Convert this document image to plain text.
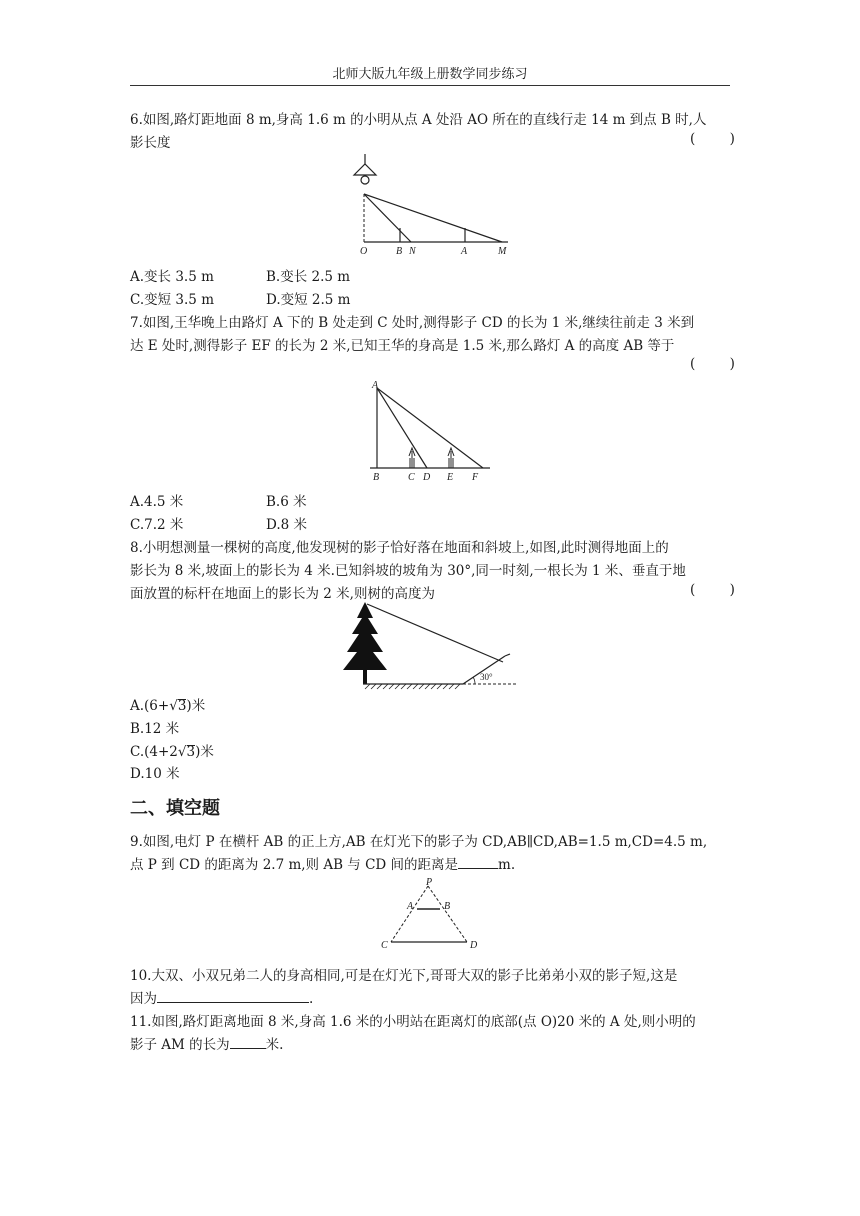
北师大版九年级上册数学同步练习
6.如图,路灯距地面 8 m,身高 1.6 m 的小明从点 A 处沿 AO 所在的直线行走 14 m 到点 B 时,人
影长度	(        )
O	B N	A	M
A.变长 3.5 m	B.变长 2.5 m
C.变短 3.5 m	D.变短 2.5 m
7.如图,王华晚上由路灯 A 下的 B 处走到 C 处时,测得影子 CD 的长为 1 米,继续往前走 3 米到
达 E 处时,测得影子 EF 的长为 2 米,已知王华的身高是 1.5 米,那么路灯 A 的高度 AB 等于
(        )
A
B	C D E F
A.4.5 米	B.6 米
C.7.2 米	D.8 米
8.小明想测量一棵树的高度,他发现树的影子恰好落在地面和斜坡上,如图,此时测得地面上的
影长为 8 米,坡面上的影长为 4 米.已知斜坡的坡角为 30°,同一时刻,一根长为 1 米、垂直于地
面放置的标杆在地面上的影长为 2 米,则树的高度为	(        )
30°
A.(6+√3)米
B.12 米
C.(4+2√3)米
D.10 米
二、填空题
9.如图,电灯 P 在横杆 AB 的正上方,AB 在灯光下的影子为 CD,AB∥CD,AB=1.5 m,CD=4.5 m,
点 P 到 CD 的距离为 2.7 m,则 AB 与 CD 间的距离是	m.
P
A	B
C	D
10.大双、小双兄弟二人的身高相同,可是在灯光下,哥哥大双的影子比弟弟小双的影子短,这是
因为	.
11.如图,路灯距离地面 8 米,身高 1.6 米的小明站在距离灯的底部(点 O)20 米的 A 处,则小明的
影子 AM 的长为	米.
